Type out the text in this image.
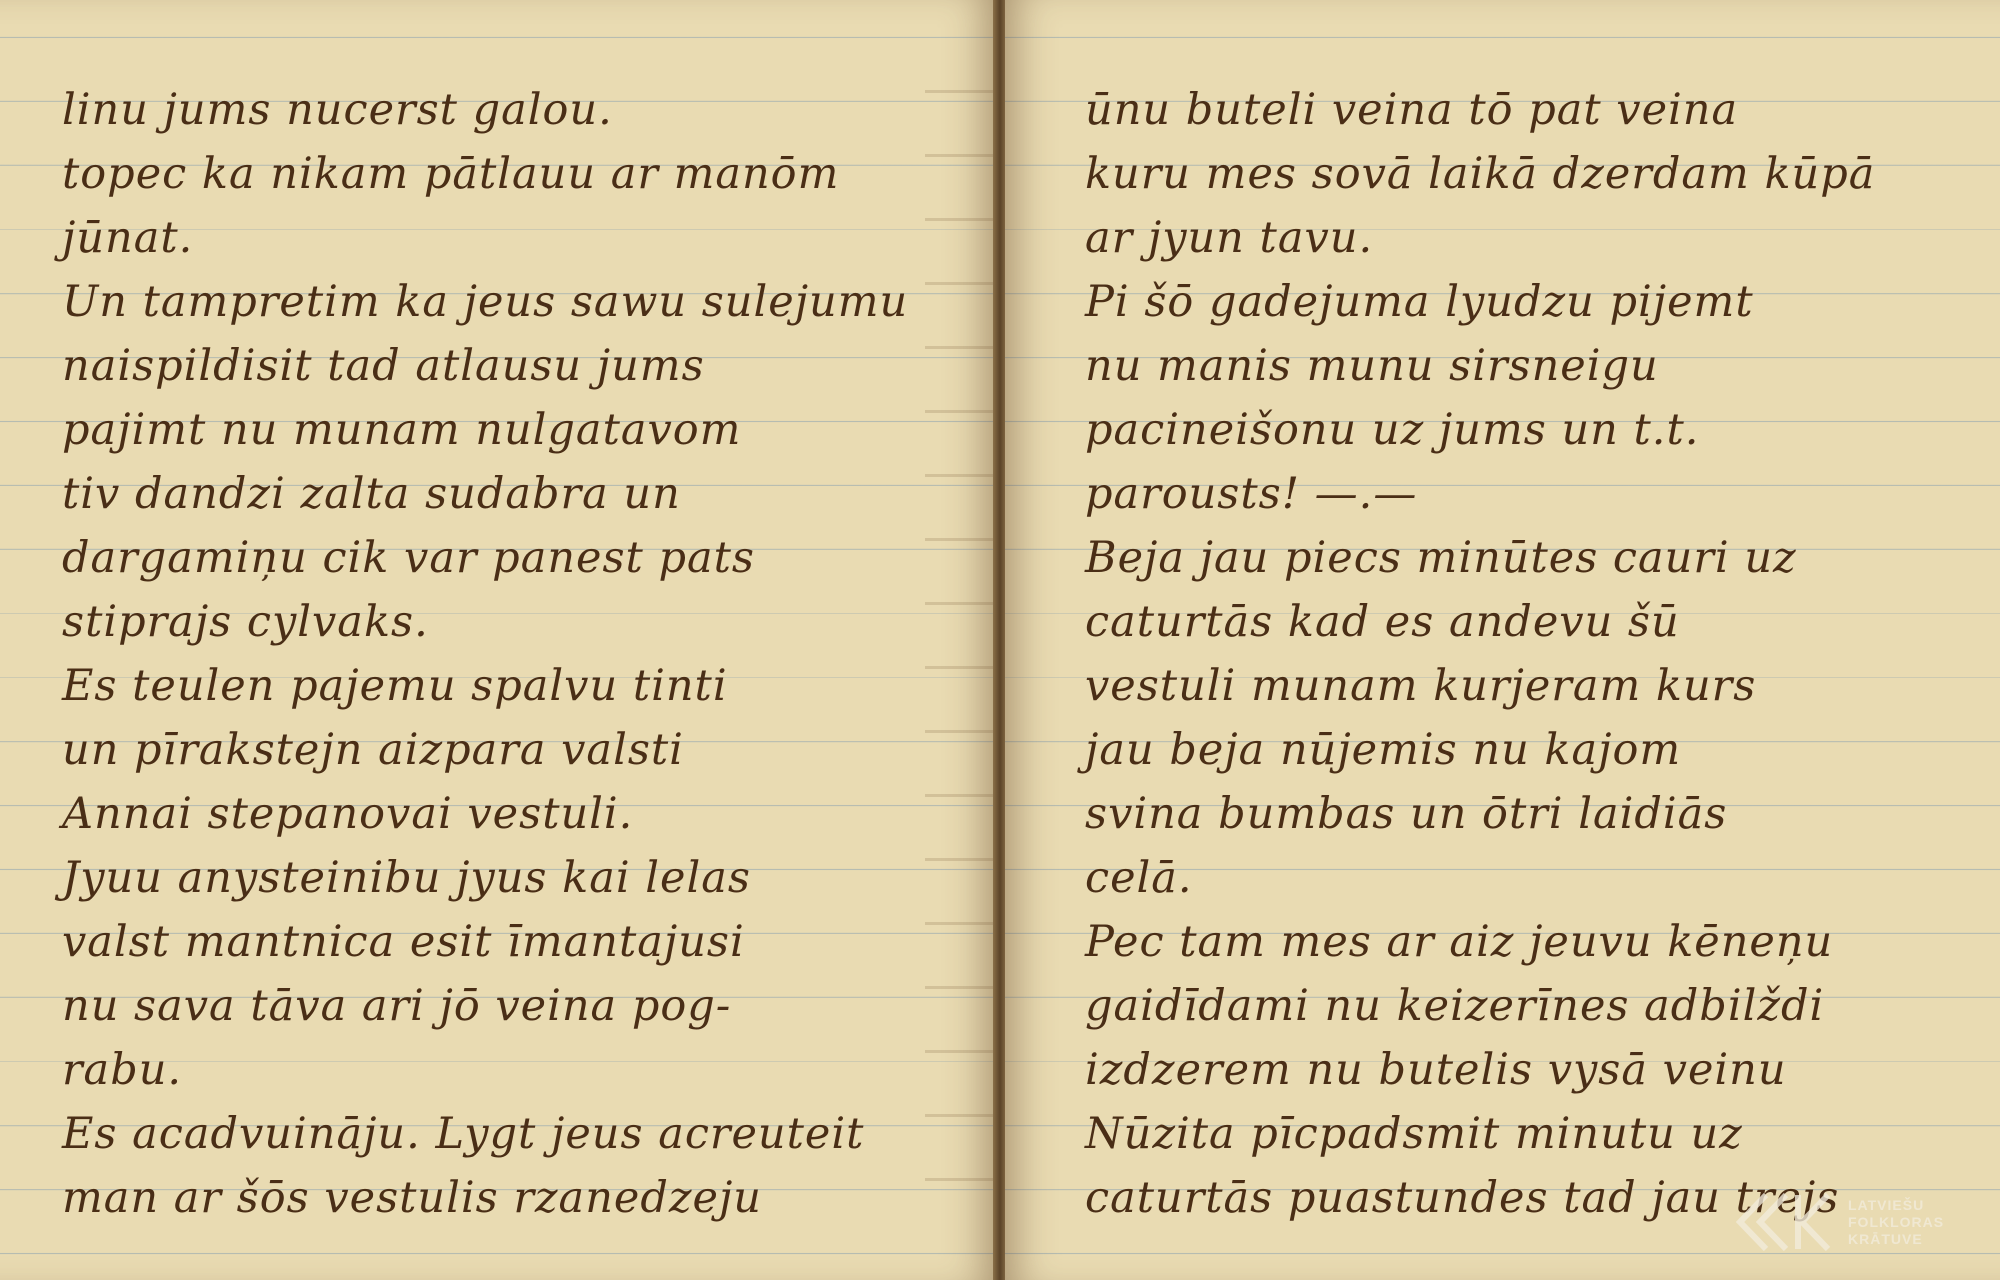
linu jums nucerst galou.
topec ka nikam pātlauu ar manōm
jūnat.
Un tampretim ka jeus sawu sulejumu
naispildisit tad atlausu jums
pajimt nu munam nulgatavom
tiv dandzi zalta sudabra un
dargamiņu cik var panest pats
stiprajs cylvaks.
Es teulen pajemu spalvu tinti
un pīrakstejn aizpara valsti
Annai stepanovai vestuli.
Jyuu anysteinibu jyus kai lelas
valst mantnica esit īmantajusi
nu sava tāva ari jō veina pog-
rabu.
Es acadvuināju. Lygt jeus acreuteit
man ar šōs vestulis rzanedzeju
ūnu buteli veina tō pat veina
kuru mes sovā laikā dzerdam kūpā
ar jyun tavu.
Pi šō gadejuma lyudzu pijemt
nu manis munu sirsneigu
pacineišonu uz jums un t.t.
parousts! —.—
Beja jau piecs minūtes cauri uz
caturtās kad es andevu šū
vestuli munam kurjeram kurs
jau beja nūjemis nu kajom
svina bumbas un ōtri laidiās
celā.
Pec tam mes ar aiz jeuvu kēneņu
gaidīdami nu keizerīnes adbilždi
izdzerem nu butelis vysā veinu
Nūzita pīcpadsmit minutu uz
caturtās puastundes tad jau trejs LATVIEŠU
FOLKLORAS
KRĀTUVE
